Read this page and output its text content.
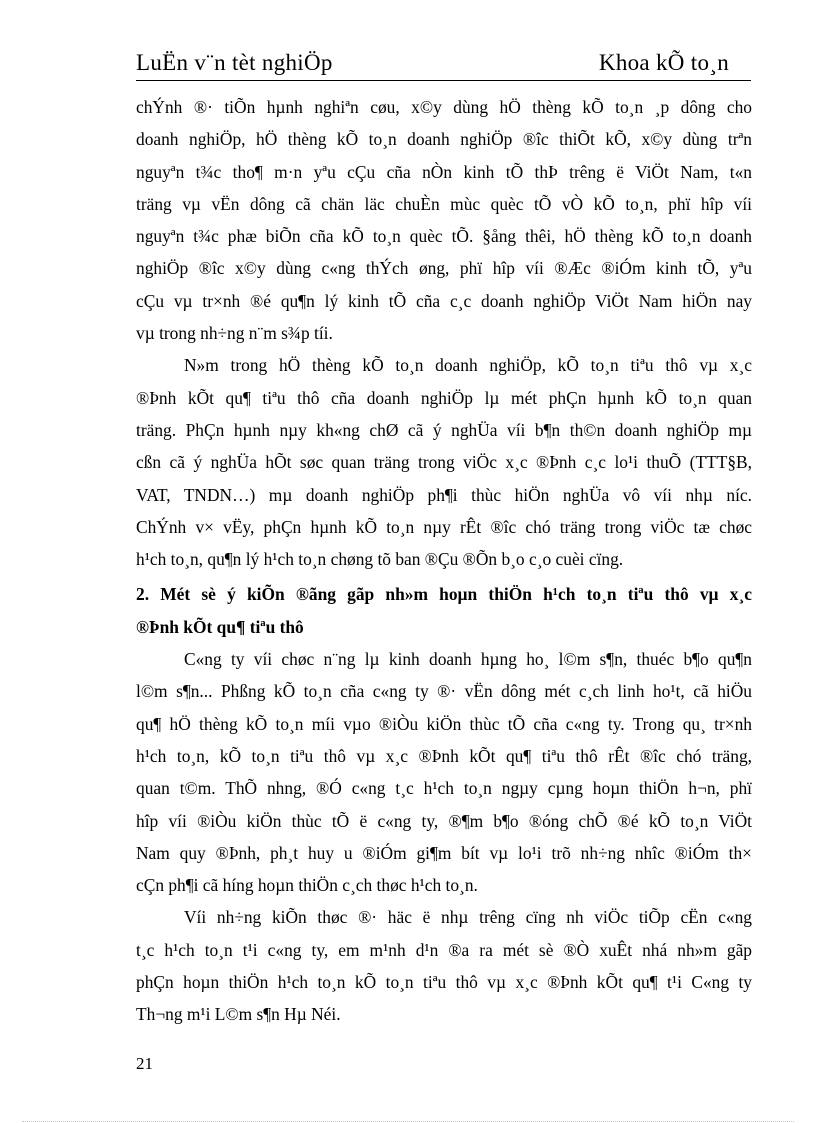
LuËn v¨n tèt nghiÖp	Khoa kÕ to¸n
chÝnh ®· tiÕn hµnh nghiªn cøu, x©y dùng hÖ thèng kÕ to¸n ¸p dông cho
doanh nghiÖp, hÖ thèng kÕ to¸n doanh nghiÖp ®îc thiÕt kÕ, x©y dùng trªn
nguyªn t¾c tho¶ m·n yªu cÇu cña nÒn kinh tÕ thÞ trêng ë ViÖt Nam, t«n
träng vµ vËn dông cã chän läc chuÈn mùc quèc tÕ vÒ kÕ to¸n, phï hîp víi
nguyªn t¾c phæ biÕn cña kÕ to¸n quèc tÕ. §ång thêi, hÖ thèng kÕ to¸n doanh
nghiÖp ®îc x©y dùng c«ng thÝch øng, phï hîp víi ®Æc ®iÓm kinh tÕ, yªu
cÇu vµ tr×nh ®é qu¶n lý kinh tÕ cña c¸c doanh nghiÖp ViÖt Nam hiÖn nay
vµ trong nh÷ng n¨m s¾p tíi.
N»m trong hÖ thèng kÕ to¸n doanh nghiÖp, kÕ to¸n tiªu thô vµ x¸c
®Þnh kÕt qu¶ tiªu thô cña doanh nghiÖp lµ mét phÇn hµnh kÕ to¸n quan
träng. PhÇn hµnh nµy kh«ng chØ cã ý nghÜa víi b¶n th©n doanh nghiÖp mµ
cßn cã ý nghÜa hÕt søc quan träng trong viÖc x¸c ®Þnh c¸c lo¹i thuÕ (TTT§B,
VAT, TNDN…) mµ doanh nghiÖp ph¶i thùc hiÖn nghÜa vô víi nhµ níc.
ChÝnh v× vËy, phÇn hµnh kÕ to¸n nµy rÊt ®îc chó träng trong viÖc tæ chøc
h¹ch to¸n, qu¶n lý h¹ch to¸n chøng tõ ban ®Çu ®Õn b¸o c¸o cuèi cïng.
2. Mét sè ý kiÕn ®ãng gãp nh»m hoµn thiÖn h¹ch to¸n tiªu thô vµ x¸c
®Þnh kÕt qu¶ tiªu thô
C«ng ty víi chøc n¨ng lµ kinh doanh hµng ho¸ l©m s¶n, thuéc b¶o qu¶n
l©m s¶n... Phßng kÕ to¸n cña c«ng ty ®· vËn dông mét c¸ch linh ho¹t, cã hiÖu
qu¶ hÖ thèng kÕ to¸n míi vµo ®iÒu kiÖn thùc tÕ cña c«ng ty. Trong qu¸ tr×nh
h¹ch to¸n, kÕ to¸n tiªu thô vµ x¸c ®Þnh kÕt qu¶ tiªu thô rÊt ®îc chó träng,
quan t©m. ThÕ nhng, ®Ó c«ng t¸c h¹ch to¸n ngµy cµng hoµn thiÖn h¬n, phï
hîp víi ®iÒu kiÖn thùc tÕ ë c«ng ty, ®¶m b¶o ®óng chÕ ®é kÕ to¸n ViÖt
Nam quy ®Þnh, ph¸t huy u ®iÓm gi¶m bít vµ lo¹i trõ nh÷ng nhîc ®iÓm th×
cÇn ph¶i cã híng hoµn thiÖn c¸ch thøc h¹ch to¸n.
Víi nh÷ng kiÕn thøc ®· häc ë nhµ trêng cïng nh viÖc tiÕp cËn c«ng
t¸c h¹ch to¸n t¹i c«ng ty, em m¹nh d¹n ®a ra mét sè ®Ò xuÊt nhá nh»m gãp
phÇn hoµn thiÖn h¹ch to¸n kÕ to¸n tiªu thô vµ x¸c ®Þnh kÕt qu¶ t¹i C«ng ty
Th¬ng m¹i L©m s¶n Hµ Néi.
21
